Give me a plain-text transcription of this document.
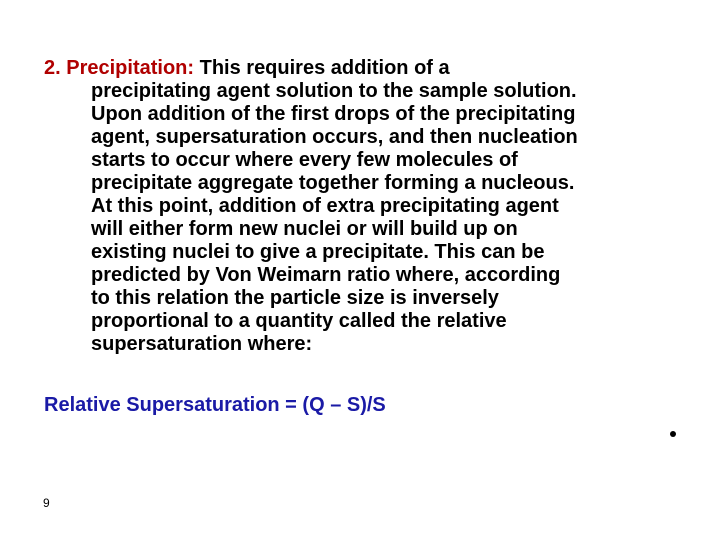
2. Precipitation: This requires addition of a
precipitating agent solution to the sample solution.
Upon addition of the first drops of the precipitating
agent, supersaturation occurs, and then nucleation
starts to occur where every few molecules of
precipitate aggregate together forming a nucleous.
At this point, addition of extra precipitating agent
will either form new nuclei or will build up on
existing nuclei to give a precipitate. This can be
predicted by Von Weimarn ratio where, according
to this relation the particle size is inversely
proportional to a quantity called the relative
supersaturation where:
Relative Supersaturation = (Q – S)/S
9
